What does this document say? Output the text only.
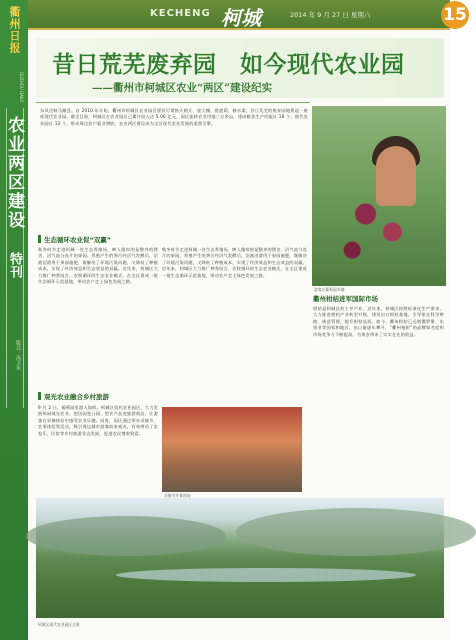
衢州日报
QUZHOU DAILY
农业两区建设
特刊
版式：高卫东
KECHENG 柯城	2014 年 9 月 27 日 星期六	15
昔日荒芜废弃园　如今现代农业园
——衢州市柯城区农业“两区”建设纪实
游客在葡萄园采摘
东风送秋马蹄急。自 2010 年开始，衢州市柯城区农业园区建设可谓热火朝天，建大棚、搭遮荫、修水渠，昔日荒芜的废弃园地摇起一座座现代农业园。截至目前，柯城区在农业园区已累计投入达 5.06 亿元，园区流转农业用地三万余亩，建成粮食生产功能区 18 个、现代农业园区 13 个，带动周边农户就业增收，农业两区建设成为全区现代农业发展的重要引擎。
生态循环农业促“双赢”
秋冬时节走进柯城一处生态养殖场，映入眼帘的是整齐的猪舍、沼气池与连片的果园。养殖产生的粪污经沼气发酵后，沼液沼渣用于果园施肥，既解决了环境污染问题，又降低了种植成本，实现了经济效益和生态效益的双赢。近年来，柯城区大力推广种养结合、农牧循环的生态农业模式，在全区建成一批生态循环示范基地，带动农户走上绿色发展之路。
秋冬时节走进柯城一处生态养殖场，映入眼帘的是整齐的猪舍、沼气池与连片的果园。养殖产生的粪污经沼气发酵后，沼液沼渣用于果园施肥，既解决了环境污染问题，又降低了种植成本，实现了经济效益和生态效益的双赢。近年来，柯城区大力推广种养结合、农牧循环的生态农业模式，在全区建成一批生态循环示范基地，带动农户走上绿色发展之路。
观光农业融合乡村旅游
9 月 2 日，葡萄园里游人如织。柯城区依托农业园区，大力发展休闲观光农业，把田园变公园、把农产品变旅游商品，让游客在采摘体验中感受农业乐趣。同时，园区通过举办采摘节、农事体验等活动，吸引周边城市游客前来观光，有效带动了农家乐、民宿等乡村旅游业态发展，促进农民增收致富。
采摘节开幕现场
衢州柑桔进军国际市场
柑桔是柯城区的主导产业。近年来，柯城区按照标准化生产要求，大力推进柑桔产业转型升级，建设出口柑桔基地，引导果农科学种植、规范管理，提升柑桔品质。如今，衢州柑桔已远销俄罗斯、东南亚等国家和地区，出口量逐年攀升，“衢州椪柑”的品牌知名度和市场竞争力不断提高，为果农带来了实实在在的收益。
柯城区现代农业园区全景
